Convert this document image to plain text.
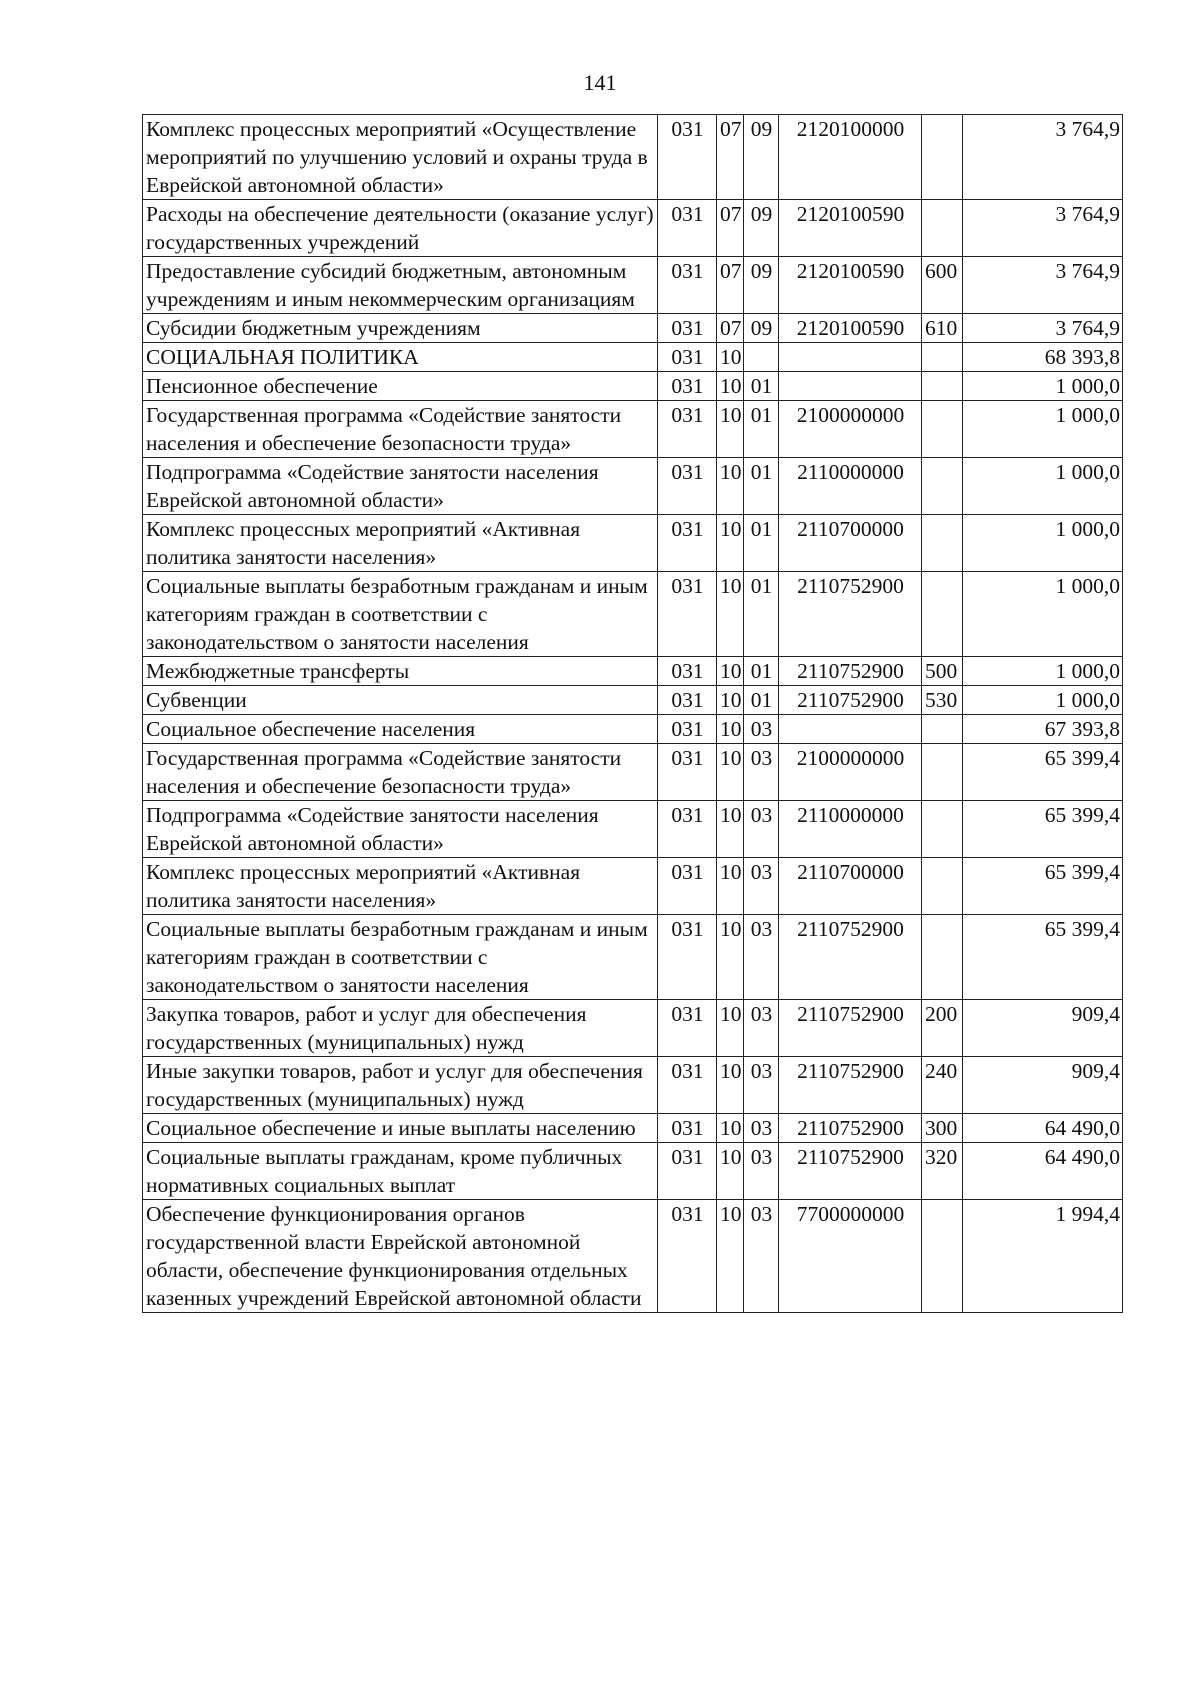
141
Комплекс процессных мероприятий «Осуществление мероприятий по улучшению условий и охраны труда в Еврейской автономной области»	031	07	09	2120100000		3 764,9
Расходы на обеспечение деятельности (оказание услуг) государственных учреждений	031	07	09	2120100590		3 764,9
Предоставление субсидий бюджетным, автономным учреждениям и иным некоммерческим организациям	031	07	09	2120100590	600	3 764,9
Субсидии бюджетным учреждениям	031	07	09	2120100590	610	3 764,9
СОЦИАЛЬНАЯ ПОЛИТИКА	031	10				68 393,8
Пенсионное обеспечение	031	10	01			1 000,0
Государственная программа «Содействие занятости населения и обеспечение безопасности труда»	031	10	01	2100000000		1 000,0
Подпрограмма «Содействие занятости населения Еврейской автономной области»	031	10	01	2110000000		1 000,0
Комплекс процессных мероприятий «Активная политика занятости населения»	031	10	01	2110700000		1 000,0
Социальные выплаты безработным гражданам и иным категориям граждан в соответствии с законодательством о занятости населения	031	10	01	2110752900		1 000,0
Межбюджетные трансферты	031	10	01	2110752900	500	1 000,0
Субвенции	031	10	01	2110752900	530	1 000,0
Социальное обеспечение населения	031	10	03			67 393,8
Государственная программа «Содействие занятости населения и обеспечение безопасности труда»	031	10	03	2100000000		65 399,4
Подпрограмма «Содействие занятости населения Еврейской автономной области»	031	10	03	2110000000		65 399,4
Комплекс процессных мероприятий «Активная политика занятости населения»	031	10	03	2110700000		65 399,4
Социальные выплаты безработным гражданам и иным категориям граждан в соответствии с законодательством о занятости населения	031	10	03	2110752900		65 399,4
Закупка товаров, работ и услуг для обеспечения государственных (муниципальных) нужд	031	10	03	2110752900	200	909,4
Иные закупки товаров, работ и услуг для обеспечения государственных (муниципальных) нужд	031	10	03	2110752900	240	909,4
Социальное обеспечение и иные выплаты населению	031	10	03	2110752900	300	64 490,0
Социальные выплаты гражданам, кроме публичных нормативных социальных выплат	031	10	03	2110752900	320	64 490,0
Обеспечение функционирования органов государственной власти Еврейской автономной области, обеспечение функционирования отдельных казенных учреждений Еврейской автономной области	031	10	03	7700000000		1 994,4
